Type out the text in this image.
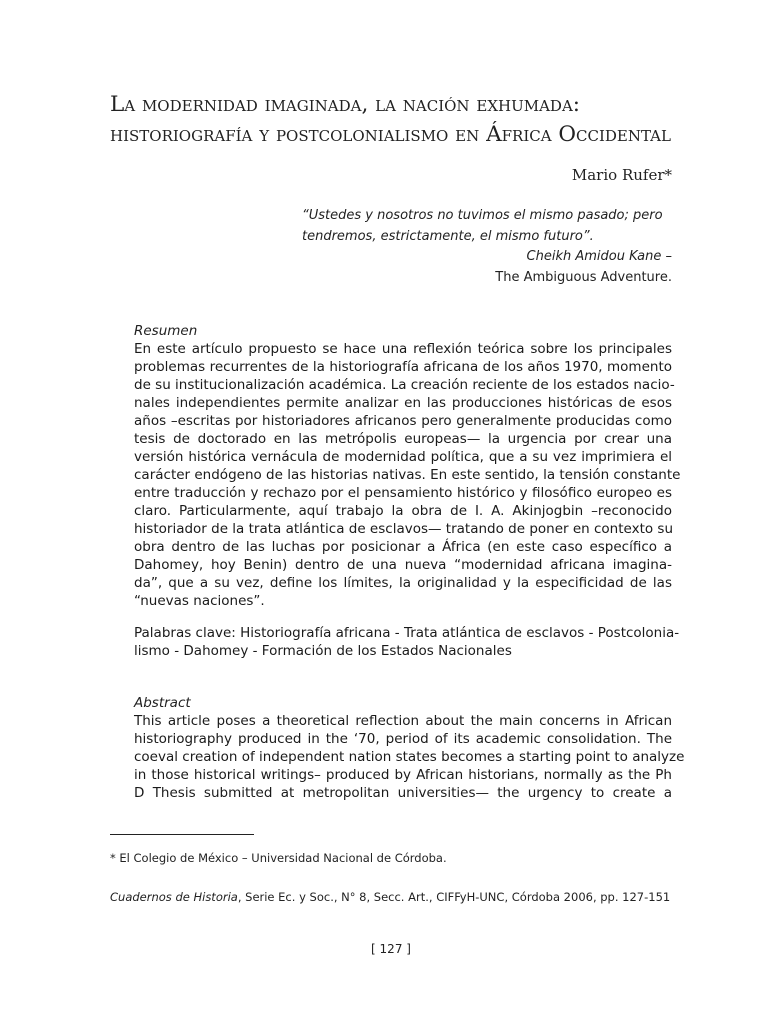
La modernidad imaginada, la nación exhumada:
historiografía y postcolonialismo en África Occidental
Mario Rufer*
“Ustedes y nosotros no tuvimos el mismo pasado; pero
tendremos, estrictamente, el mismo futuro”.
Cheikh Amidou Kane –
The Ambiguous Adventure.
Resumen
En este artículo propuesto se hace una reflexión teórica sobre los principales
problemas recurrentes de la historiografía africana de los años 1970, momento
de su institucionalización académica. La creación reciente de los estados nacio-
nales independientes permite analizar en las producciones históricas de esos
años –escritas por historiadores africanos pero generalmente producidas como
tesis de doctorado en las metrópolis europeas— la urgencia por crear una
versión histórica vernácula de modernidad política, que a su vez imprimiera el
carácter endógeno de las historias nativas. En este sentido, la tensión constante
entre traducción y rechazo por el pensamiento histórico y filosófico europeo es
claro. Particularmente, aquí trabajo la obra de I. A. Akinjogbin –reconocido
historiador de la trata atlántica de esclavos— tratando de poner en contexto su
obra dentro de las luchas por posicionar a África (en este caso específico a
Dahomey, hoy Benin) dentro de una nueva “modernidad africana imagina-
da”, que a su vez, define los límites, la originalidad y la especificidad de las
“nuevas naciones”.
Palabras clave: Historiografía africana - Trata atlántica de esclavos - Postcolonia-
lismo - Dahomey - Formación de los Estados Nacionales
Abstract
This article poses a theoretical reflection about the main concerns in African
historiography produced in the ‘70, period of its academic consolidation. The
coeval creation of independent nation states becomes a starting point to analyze
in those historical writings– produced by African historians, normally as the Ph
D Thesis submitted at metropolitan universities— the urgency to create a
* El Colegio de México – Universidad Nacional de Córdoba.
Cuadernos de Historia, Serie Ec. y Soc., N° 8, Secc. Art., CIFFyH-UNC, Córdoba 2006, pp. 127-151
[ 127 ]
